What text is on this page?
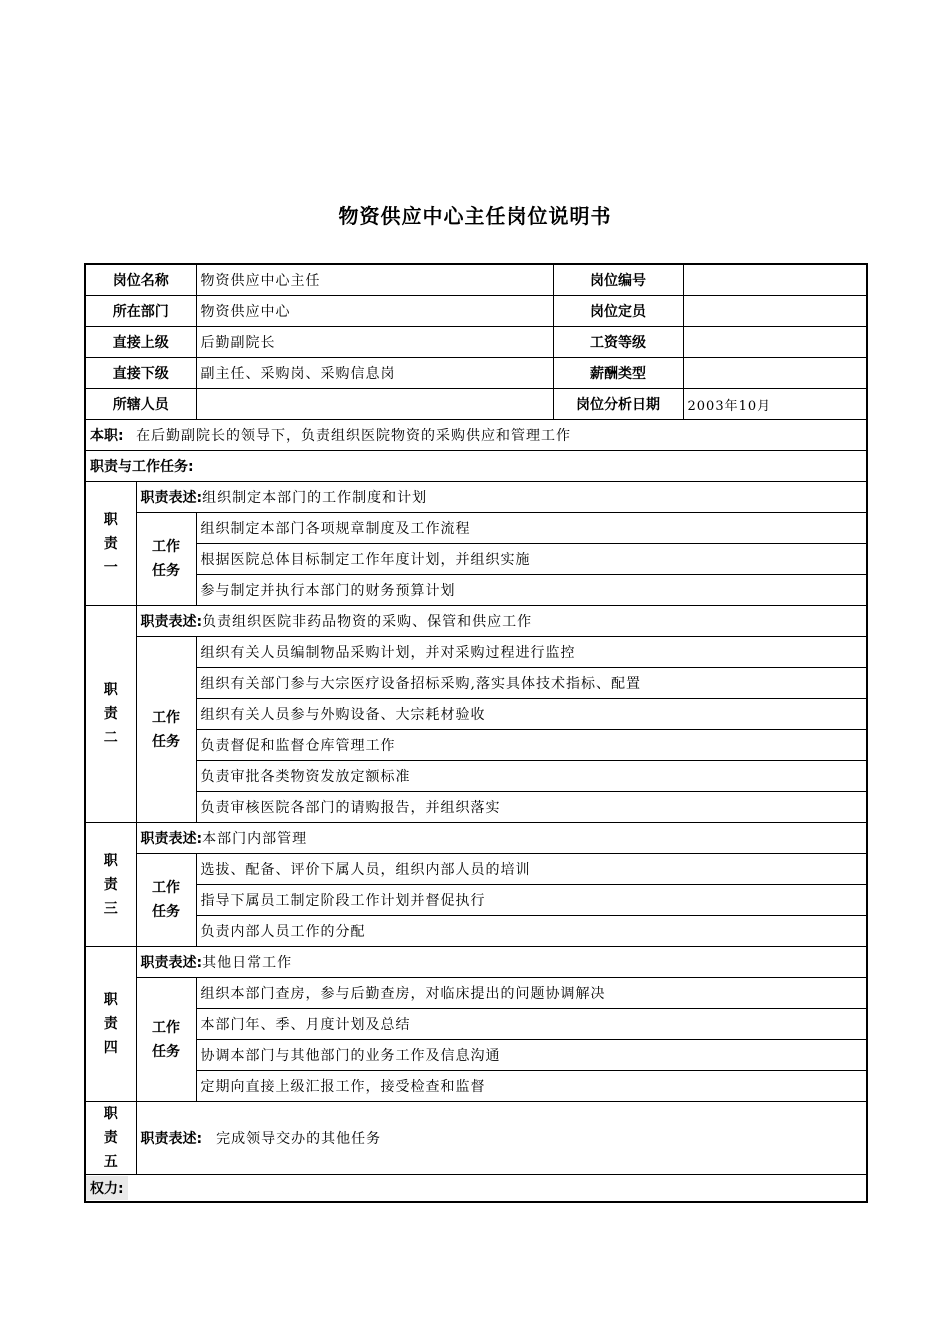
物资供应中心主任岗位说明书
岗位名称		物资供应中心主任	岗位编号	
所在部门		物资供应中心	岗位定员	
直接上级		后勤副院长	工资等级	
直接下级		副主任、采购岗、采购信息岗	薪酬类型	
所辖人员			岗位分析日期	2003年10月
本职: 在后勤副院长的领导下，负责组织医院物资的采购供应和管理工作				
职责与工作任务:				
职责一	职责表述:组织制定本部门的工作制度和计划			
	工作任务	组织制定本部门各项规章制度及工作流程		
		根据医院总体目标制定工作年度计划，并组织实施		
		参与制定并执行本部门的财务预算计划		
职责二	职责表述:负责组织医院非药品物资的采购、保管和供应工作			
	工作任务	组织有关人员编制物品采购计划，并对采购过程进行监控		
		组织有关部门参与大宗医疗设备招标采购,落实具体技术指标、配置		
		组织有关人员参与外购设备、大宗耗材验收		
		负责督促和监督仓库管理工作		
		负责审批各类物资发放定额标准		
		负责审核医院各部门的请购报告，并组织落实		
职责三	职责表述:本部门内部管理			
	工作任务	选拔、配备、评价下属人员，组织内部人员的培训		
		指导下属员工制定阶段工作计划并督促执行		
		负责内部人员工作的分配		
职责四	职责表述:其他日常工作			
	工作任务	组织本部门查房，参与后勤查房，对临床提出的问题协调解决		
		本部门年、季、月度计划及总结		
		协调本部门与其他部门的业务工作及信息沟通		
		定期向直接上级汇报工作，接受检查和监督		
职责五	职责表述: 完成领导交办的其他任务			
权力:				
